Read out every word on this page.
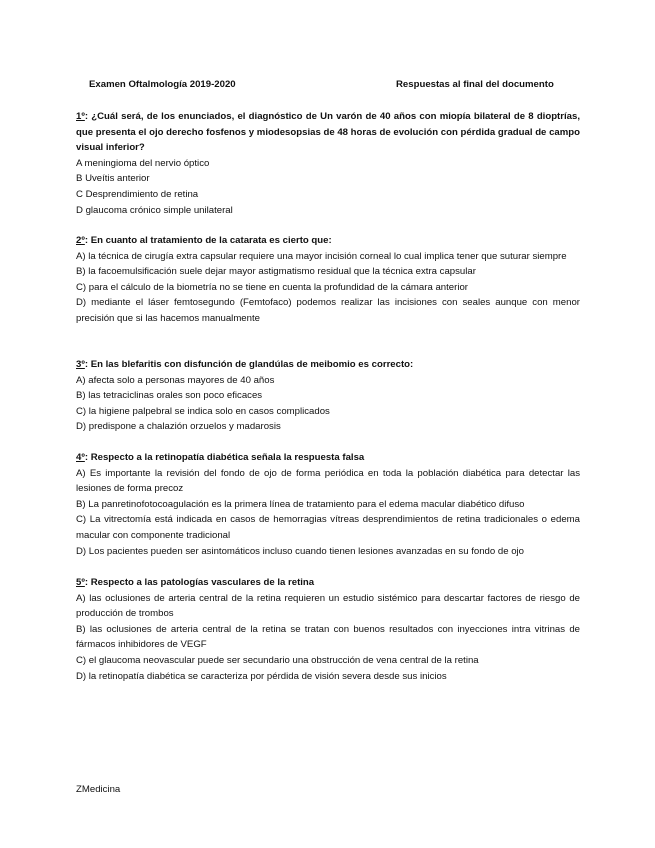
Examen Oftalmología 2019-2020	Respuestas al final del documento
1º: ¿Cuál será, de los enunciados, el diagnóstico de Un varón de 40 años con miopía bilateral de 8 dioptrías, que presenta el ojo derecho fosfenos y miodesopsias de 48 horas de evolución con pérdida gradual de campo visual inferior?
A meningioma del nervio óptico
B Uveítis anterior
C Desprendimiento de retina
D glaucoma crónico simple unilateral
2º: En cuanto al tratamiento de la catarata es cierto que:
A) la técnica de cirugía extra capsular requiere una mayor incisión corneal lo cual implica tener que suturar siempre
B) la facoemulsificación suele dejar mayor astigmatismo residual que la técnica extra capsular
C) para el cálculo de la biometría no se tiene en cuenta la profundidad de la cámara anterior
D) mediante el láser femtosegundo (Femtofaco) podemos realizar las incisiones con seales aunque con menor precisión que si las hacemos manualmente
3º: En las blefaritis con disfunción de glandúlas de meibomio es correcto:
A) afecta solo a personas mayores de 40 años
B) las tetraciclinas orales son poco eficaces
C) la higiene palpebral se indica solo en casos complicados
D) predispone a chalazión orzuelos y madarosis
4º: Respecto a la retinopatía diabética señala la respuesta falsa
A) Es importante la revisión del fondo de ojo de forma periódica en toda la población diabética para detectar las lesiones de forma precoz
B) La panretinofotocoagulación es la primera línea de tratamiento para el edema macular diabético difuso
C) La vitrectomía está indicada en casos de hemorragias vítreas desprendimientos de retina tradicionales o edema macular con componente tradicional
D) Los pacientes pueden ser asintomáticos incluso cuando tienen lesiones avanzadas en su fondo de ojo
5º: Respecto a las patologías vasculares de la retina
A) las oclusiones de arteria central de la retina requieren un estudio sistémico para descartar factores de riesgo de producción de trombos
B) las oclusiones de arteria central de la retina se tratan con buenos resultados con inyecciones intra vitrinas de fármacos inhibidores de VEGF
C) el glaucoma neovascular puede ser secundario una obstrucción de vena central de la retina
D) la retinopatía diabética se caracteriza por pérdida de visión severa desde sus inicios
ZMedicina
